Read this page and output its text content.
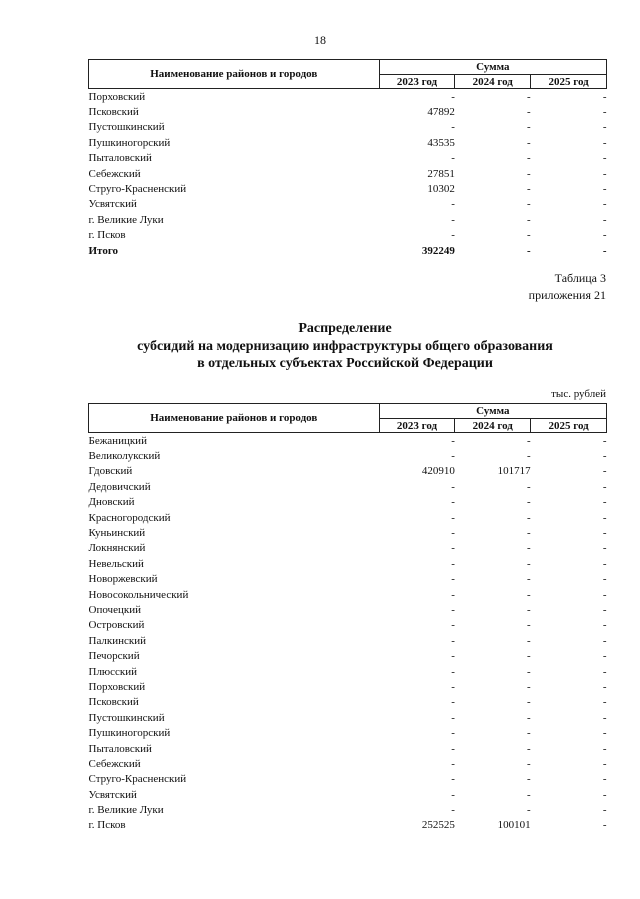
18
Наименование районов и городов	Сумма		
	2023 год	2024 год	2025 год
Порховский	-	-	-
Псковский	47892	-	-
Пустошкинский	-	-	-
Пушкиногорский	43535	-	-
Пыталовский	-	-	-
Себежский	27851	-	-
Струго-Красненский	10302	-	-
Усвятский	-	-	-
г. Великие Луки	-	-	-
г. Псков	-	-	-
Итого	392249	-	-
Таблица 3
приложения 21
Распределение
субсидий на модернизацию инфраструктуры общего образования
в отдельных субъектах Российской Федерации
тыс. рублей
Наименование районов и городов	Сумма		
	2023 год	2024 год	2025 год
Бежаницкий	-	-	-
Великолукский	-	-	-
Гдовский	420910	101717	-
Дедовичский	-	-	-
Дновский	-	-	-
Красногородский	-	-	-
Куньинский	-	-	-
Локнянский	-	-	-
Невельский	-	-	-
Новоржевский	-	-	-
Новосокольнический	-	-	-
Опочецкий	-	-	-
Островский	-	-	-
Палкинский	-	-	-
Печорский	-	-	-
Плюсский	-	-	-
Порховский	-	-	-
Псковский	-	-	-
Пустошкинский	-	-	-
Пушкиногорский	-	-	-
Пыталовский	-	-	-
Себежский	-	-	-
Струго-Красненский	-	-	-
Усвятский	-	-	-
г. Великие Луки	-	-	-
г. Псков	252525	100101	-
